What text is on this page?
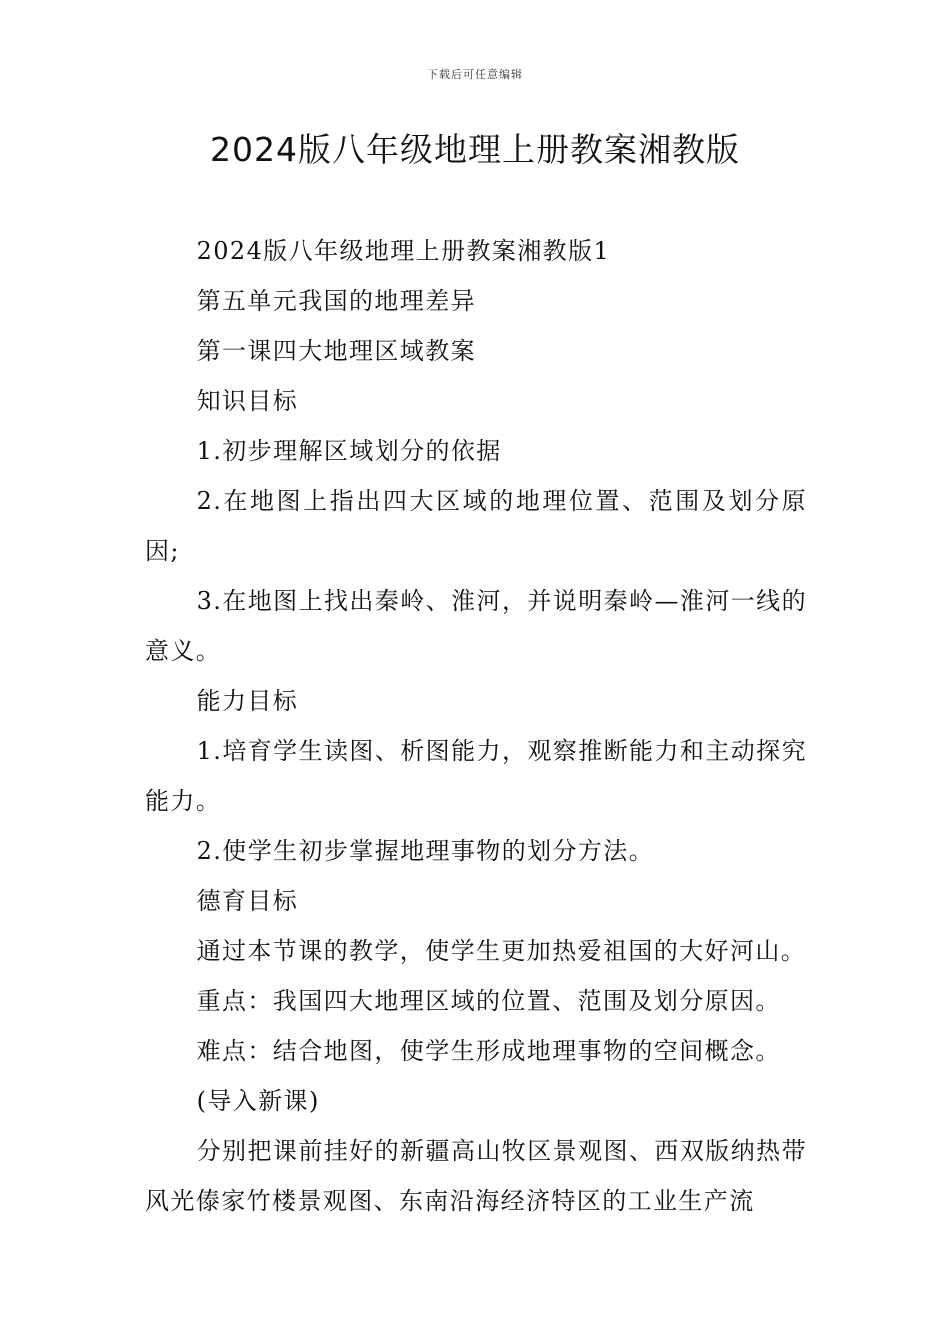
下载后可任意编辑
2024版八年级地理上册教案湘教版

2024版八年级地理上册教案湘教版1

第五单元我国的地理差异

第一课四大地理区域教案

知识目标

1.初步理解区域划分的依据

2.在地图上指出四大区域的地理位置、范围及划分原因;

3.在地图上找出秦岭、淮河，并说明秦岭—淮河一线的意义。

能力目标

1.培育学生读图、析图能力，观察推断能力和主动探究能力。

2.使学生初步掌握地理事物的划分方法。

德育目标

通过本节课的教学，使学生更加热爱祖国的大好河山。

重点：我国四大地理区域的位置、范围及划分原因。

难点：结合地图，使学生形成地理事物的空间概念。

(导入新课)

分别把课前挂好的新疆高山牧区景观图、西双版纳热带风光傣家竹楼景观图、东南沿海经济特区的工业生产流
